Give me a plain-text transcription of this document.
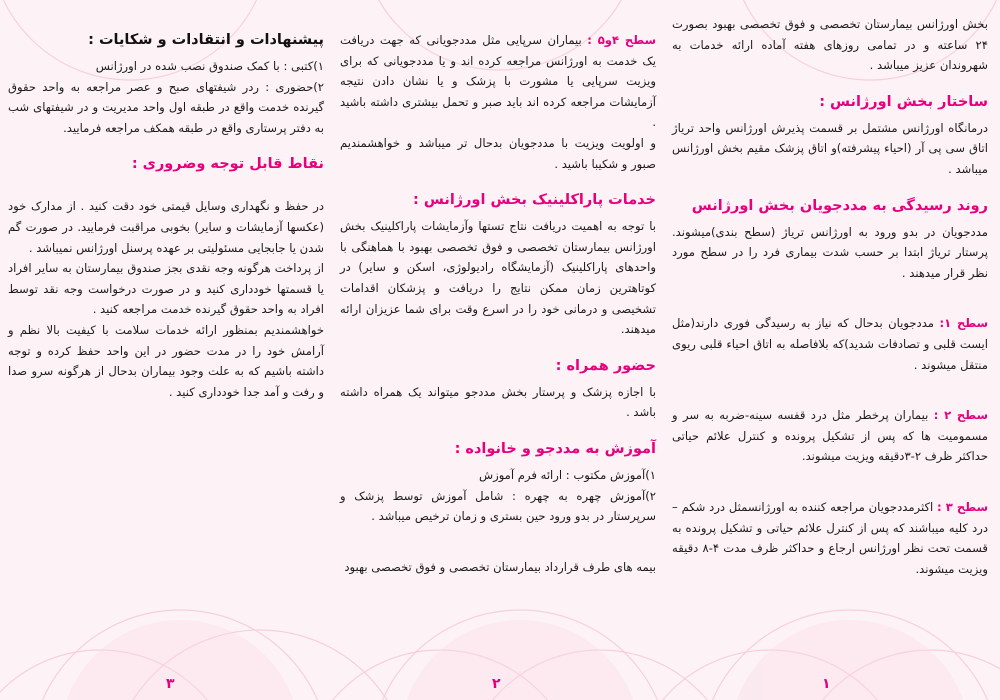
بخش اورژانس بیمارستان تخصصی و فوق تخصصی بهبود بصورت ۲۴ ساعته و در تمامی روزهای هفته آماده ارائه خدمات به شهروندان عزیز میباشد .

ساختار بخش اورژانس :

درمانگاه اورژانس مشتمل بر قسمت پذیرش اورژانس واحد تریاژ اتاق سی پی آر (احیاء پیشرفته)و اتاق پزشک مقیم بخش اورژانس میباشد .

روند رسیدگی به مددجویان بخش اورژانس

مددجویان در بدو ورود به اورژانس تریاژ (سطح بندی)میشوند. پرستار تریاژ ابتدا بر حسب شدت بیماری فرد را در سطح مورد نظر قرار میدهند .

سطح ۱: مددجویان بدحال که نیاز به رسیدگی فوری دارند(مثل ایست قلبی و تصادفات شدید)که بلافاصله به اتاق احیاء قلبی ریوی منتقل میشوند .

سطح ۲ : بیماران پرخطر مثل درد قفسه سینه-ضربه به سر و مسمومیت ها که پس از تشکیل پرونده و کنترل علائم حیاتی حداکثر ظرف ۲-۳دقیقه ویزیت میشوند.

سطح ۳ : اکثرمددجویان مراجعه کننده به اورژانسمثل درد شکم – درد کلیه میباشند که پس از کنترل علائم حیاتی و تشکیل پرونده به قسمت تحت نظر اورژانس ارجاع و حداکثر ظرف مدت ۴-۸ دقیقه ویزیت میشوند.

سطح ۴و۵ : بیماران سرپایی مثل مددجویانی که جهت دریافت یک خدمت به اورژانس مراجعه کرده اند و یا مددجویانی که برای ویزیت سرپایی یا مشورت با پزشک و یا نشان دادن نتیجه آزمایشات مراجعه کرده اند باید صبر و تحمل بیشتری داشته باشید .

و اولویت ویزیت با مددجویان بدحال تر میباشد و خواهشمندیم صبور و شکیبا باشید .

خدمات پاراکلینیک بخش اورژانس :

با توجه به اهمیت دریافت نتاج تستها وآزمایشات پاراکلینیک بخش اورژانس بیمارستان تخصصی و فوق تخصصی بهبود با هماهنگی با واحدهای پاراکلینیک (آزمایشگاه رادیولوژی، اسکن و سایر) در کوتاهترین زمان ممکن نتایج را دریافت و پزشکان اقدامات تشخیصی و درمانی خود را در اسرع وقت برای شما عزیزان ارائه میدهند.

حضور همراه :

با اجازه پزشک و پرستار بخش مددجو میتواند یک همراه داشته باشد .

آموزش به مددجو و خانواده :

۱)آموزش مکتوب : ارائه فرم آموزش

۲)آموزش چهره به چهره : شامل آموزش توسط پزشک و سرپرستار در بدو ورود حین بستری و زمان ترخیص میباشد .

بیمه های طرف قرارداد بیمارستان تخصصی و فوق تخصصی بهبود

پیشنهادات و انتقادات و شکایات :

۱)کتبی : با کمک صندوق نصب شده در اورژانس

۲)حضوری : ردر شیفتهای صبح و عصر مراجعه به واحد حقوق گیرنده خدمت واقع در طبقه اول واحد مدیریت و در شیفتهای شب به دفتر پرستاری واقع در طبقه همکف مراجعه فرمایید.

نقاط قابل توجه وضروری :

در حفظ و نگهداری وسایل قیمتی خود دقت کنید . از مدارک خود (عکسها آزمایشات و سایر) بخوبی مراقبت فرمایید. در صورت گم شدن یا جابجایی مسئولیتی بر عهده پرسنل اورژانس نمیباشد .

از پرداخت هرگونه وجه نقدی بجز صندوق بیمارستان به سایر افراد یا قسمتها خودداری کنید و در صورت درخواست وجه نقد توسط افراد به واحد حقوق گیرنده خدمت مراجعه کنید .

خواهشمندیم بمنظور ارائه خدمات سلامت با کیفیت بالا نظم و آرامش خود را در مدت حضور در این واحد حفظ کرده و توجه داشته باشیم که به علت وجود بیماران بدحال از هرگونه سرو صدا و رفت و آمد جدا خودداری کنید .

۱
۲
۳
